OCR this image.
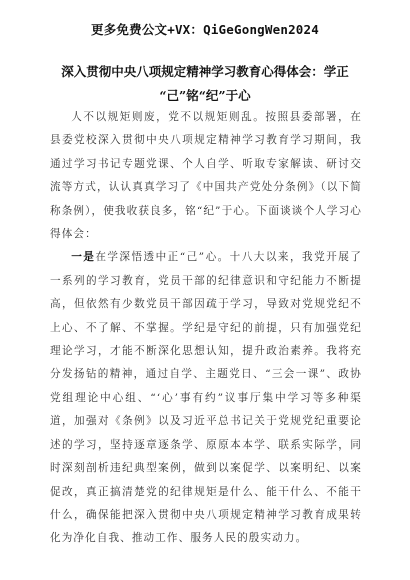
更多免费公文+VX：QiGeGongWen2024
深入贯彻中央八项规定精神学习教育心得体会：学正
“己”铭“纪”于心

人不以规矩则废，党不以规矩则乱。按照县委部署，在县委党校深入贯彻中央八项规定精神学习教育学习期间，我通过学习书记专题党课、个人自学、听取专家解读、研讨交流等方式，认认真真学习了《中国共产党处分条例》（以下简称条例），使我收获良多，铭“纪”于心。下面谈谈个人学习心得体会：

一是在学深悟透中正“己”心。十八大以来，我党开展了一系列的学习教育，党员干部的纪律意识和守纪能力不断提高，但依然有少数党员干部因疏于学习，导致对党规党纪不上心、不了解、不掌握。学纪是守纪的前提，只有加强党纪理论学习，才能不断深化思想认知，提升政治素养。我将充分发扬钻的精神，通过自学、主题党日、“三会一课”、政协党组理论中心组、“‘心’事有约”议事厅集中学习等多种渠道，加强对《条例》以及习近平总书记关于党规党纪重要论述的学习，坚持逐章逐条学、原原本本学、联系实际学，同时深刻剖析违纪典型案例，做到以案促学、以案明纪、以案促改，真正搞清楚党的纪律规矩是什么、能干什么、不能干什么，确保能把深入贯彻中央八项规定精神学习教育成果转化为净化自我、推动工作、服务人民的殷实动力。
